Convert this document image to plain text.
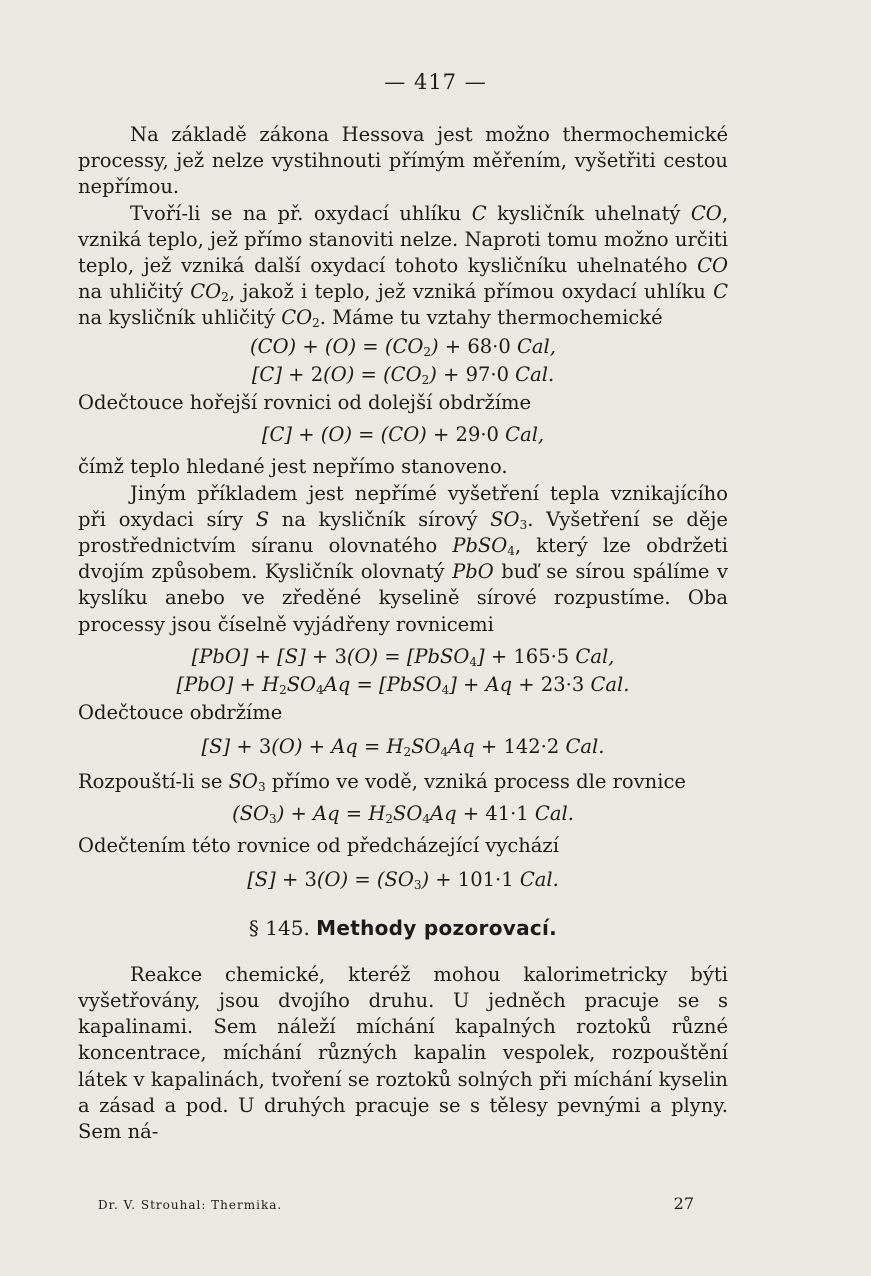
— 417 —

Na základě zákona Hessova jest možno thermochemické processy, jež nelze vystihnouti přímým měřením, vyšetřiti cestou nepřímou.

Tvoří-li se na př. oxydací uhlíku C kysličník uhelnatý CO, vzniká teplo, jež přímo stanoviti nelze. Naproti tomu možno určiti teplo, jež vzniká další oxydací tohoto kysličníku uhelnatého CO na uhličitý $CO_2$, jakož i teplo, jež vzniká přímou oxydací uhlíku C na kysličník uhličitý $CO_2$. Máme tu vztahy thermochemické

$(CO) + (O) = (CO_2) + 68\cdot 0$ Cal,
$[C] + 2(O) = (CO_2) + 97\cdot 0$ Cal.

Odečtouce hořejší rovnici od dolejší obdržíme

[C] + (O) = (CO) + 29·0 Cal,

čímž teplo hledané jest nepřímo stanoveno.

Jiným příkladem jest nepřímé vyšetření tepla vznikajícího při oxydaci síry S na kysličník sírový $SO_3$. Vyšetření se děje prostřednictvím síranu olovnatého PbSO$_4$, který lze obdržeti dvojím způsobem. Kysličník olovnatý PbO buď se sírou spálíme v kyslíku anebo ve zředěné kyselině sírové rozpustíme. Oba processy jsou číselně vyjádřeny rovnicemi

[PbO] + [S] + 3(O) = [PbSO$_4$] + 165·5 Cal,
$[PbO] + H_2SO_4Aq$ = [PbSO$_4$] + Aq + 23·3 Cal.

Odečtouce obdržíme

$[S] + 3(O) + Aq = H_2SO_4Aq + 142\cdot 2$ Cal.

Rozpouští-li se $SO_3$ přímo ve vodě, vzniká process dle rovnice

$(SO_3) + Aq = H_2SO_4Aq + 41\cdot 1$ Cal.

Odečtením této rovnice od předcházející vychází

$[S] + 3(O) = (SO_3) + 101\cdot 1$ Cal.
§ 145. Methody pozorovací.

Reakce chemické, kteréž mohou kalorimetricky býti vyšetřovány, jsou dvojího druhu. U jedněch pracuje se s kapalinami. Sem náleží míchání kapalných roztoků různé koncentrace, míchání různých kapalin vespolek, rozpouštění látek v kapalinách, tvoření se roztoků solných při míchání kyselin a zásad a pod. U druhých pracuje se s tělesy pevnými a plyny. Sem ná-

Dr. V. Strouhal: Thermika.	27
